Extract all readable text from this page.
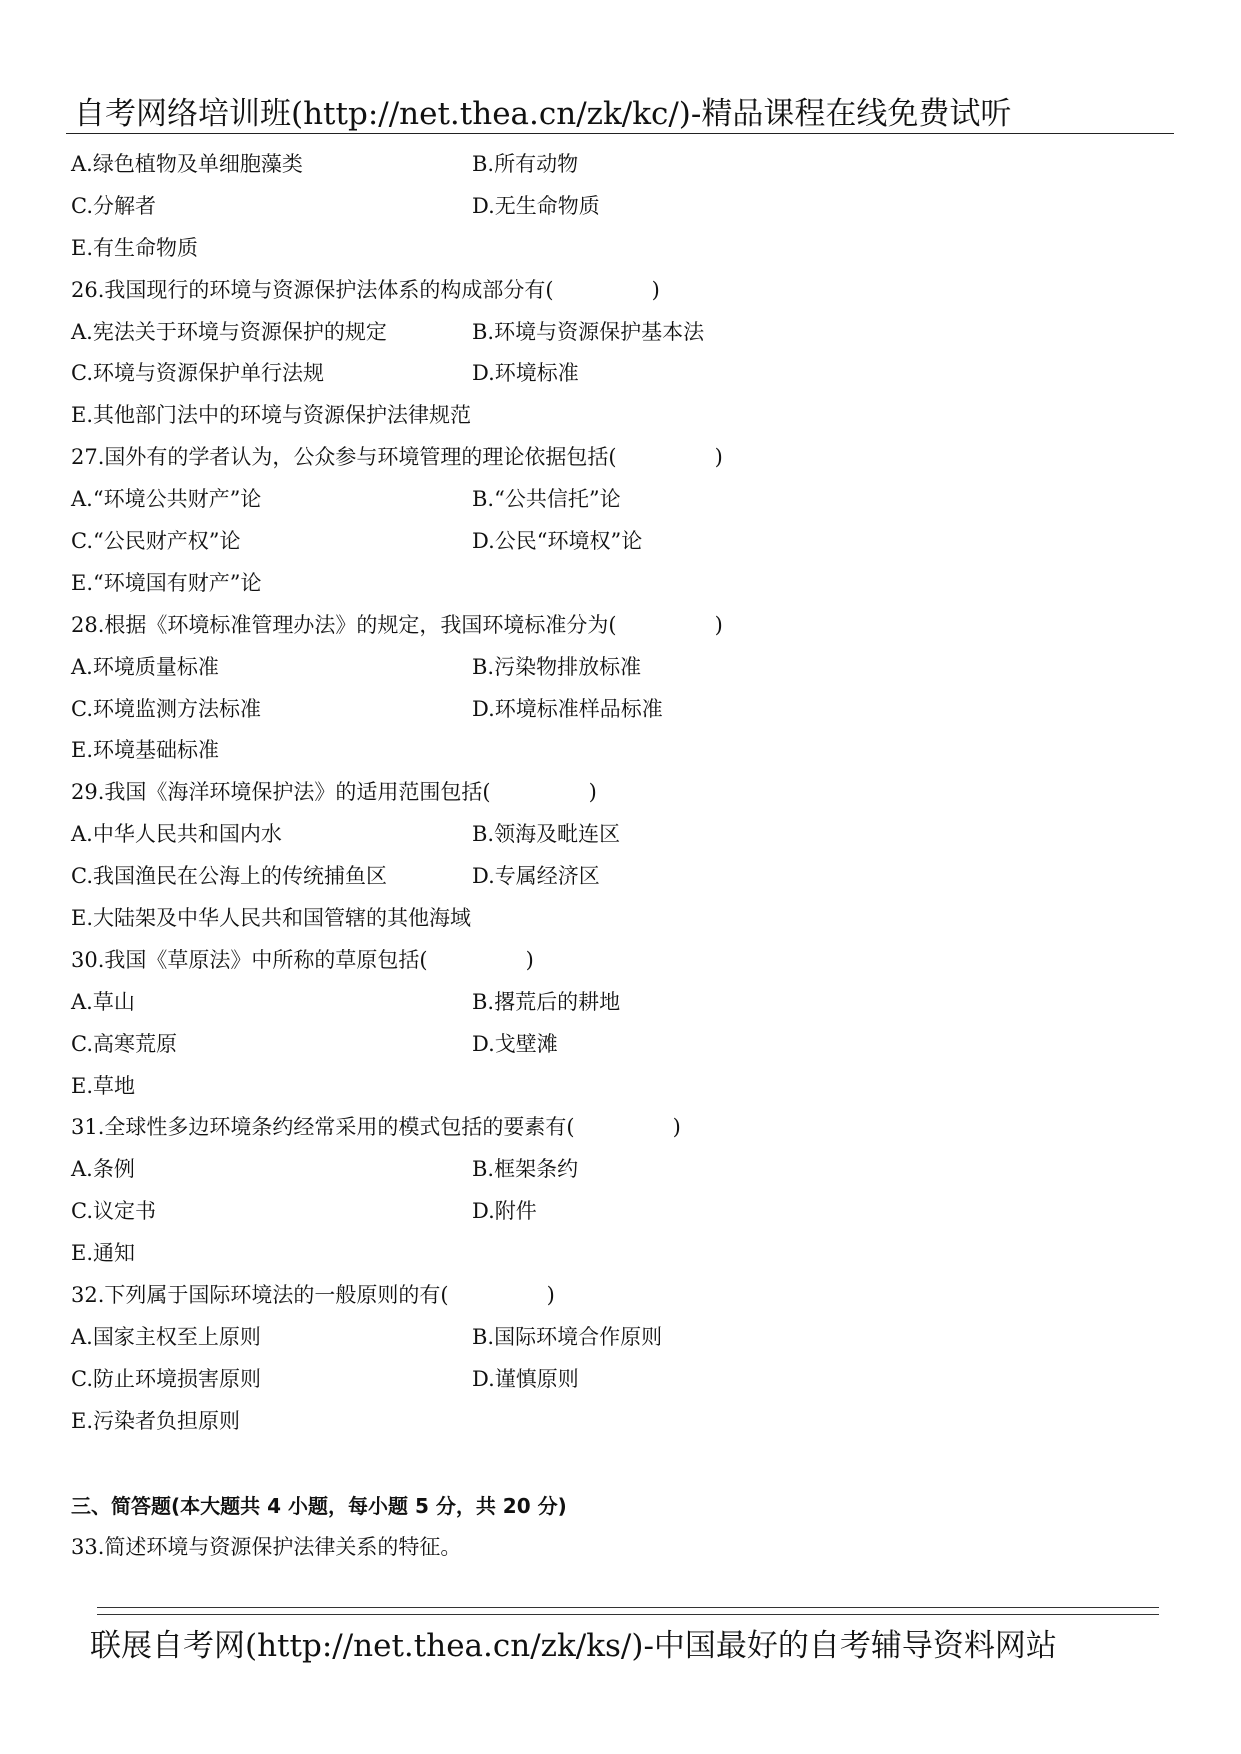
自考网络培训班(http://net.thea.cn/zk/kc/)-精品课程在线免费试听
A.绿色植物及单细胞藻类	B.所有动物
C.分解者	D.无生命物质
E.有生命物质
26.我国现行的环境与资源保护法体系的构成部分有(	)
A.宪法关于环境与资源保护的规定	B.环境与资源保护基本法
C.环境与资源保护单行法规	D.环境标准
E.其他部门法中的环境与资源保护法律规范
27.国外有的学者认为，公众参与环境管理的理论依据包括(	)
A.“环境公共财产”论	B.“公共信托”论
C.“公民财产权”论	D.公民“环境权”论
E.“环境国有财产”论
28.根据《环境标准管理办法》的规定，我国环境标准分为(	)
A.环境质量标准	B.污染物排放标准
C.环境监测方法标准	D.环境标准样品标准
E.环境基础标准
29.我国《海洋环境保护法》的适用范围包括(	)
A.中华人民共和国内水	B.领海及毗连区
C.我国渔民在公海上的传统捕鱼区	D.专属经济区
E.大陆架及中华人民共和国管辖的其他海域
30.我国《草原法》中所称的草原包括(	)
A.草山	B.撂荒后的耕地
C.高寒荒原	D.戈壁滩
E.草地
31.全球性多边环境条约经常采用的模式包括的要素有(	)
A.条例	B.框架条约
C.议定书	D.附件
E.通知
32.下列属于国际环境法的一般原则的有(	)
A.国家主权至上原则	B.国际环境合作原则
C.防止环境损害原则	D.谨慎原则
E.污染者负担原则
三、简答题(本大题共 4 小题，每小题 5 分，共 20 分)
33.简述环境与资源保护法律关系的特征。
联展自考网(http://net.thea.cn/zk/ks/)-中国最好的自考辅导资料网站
